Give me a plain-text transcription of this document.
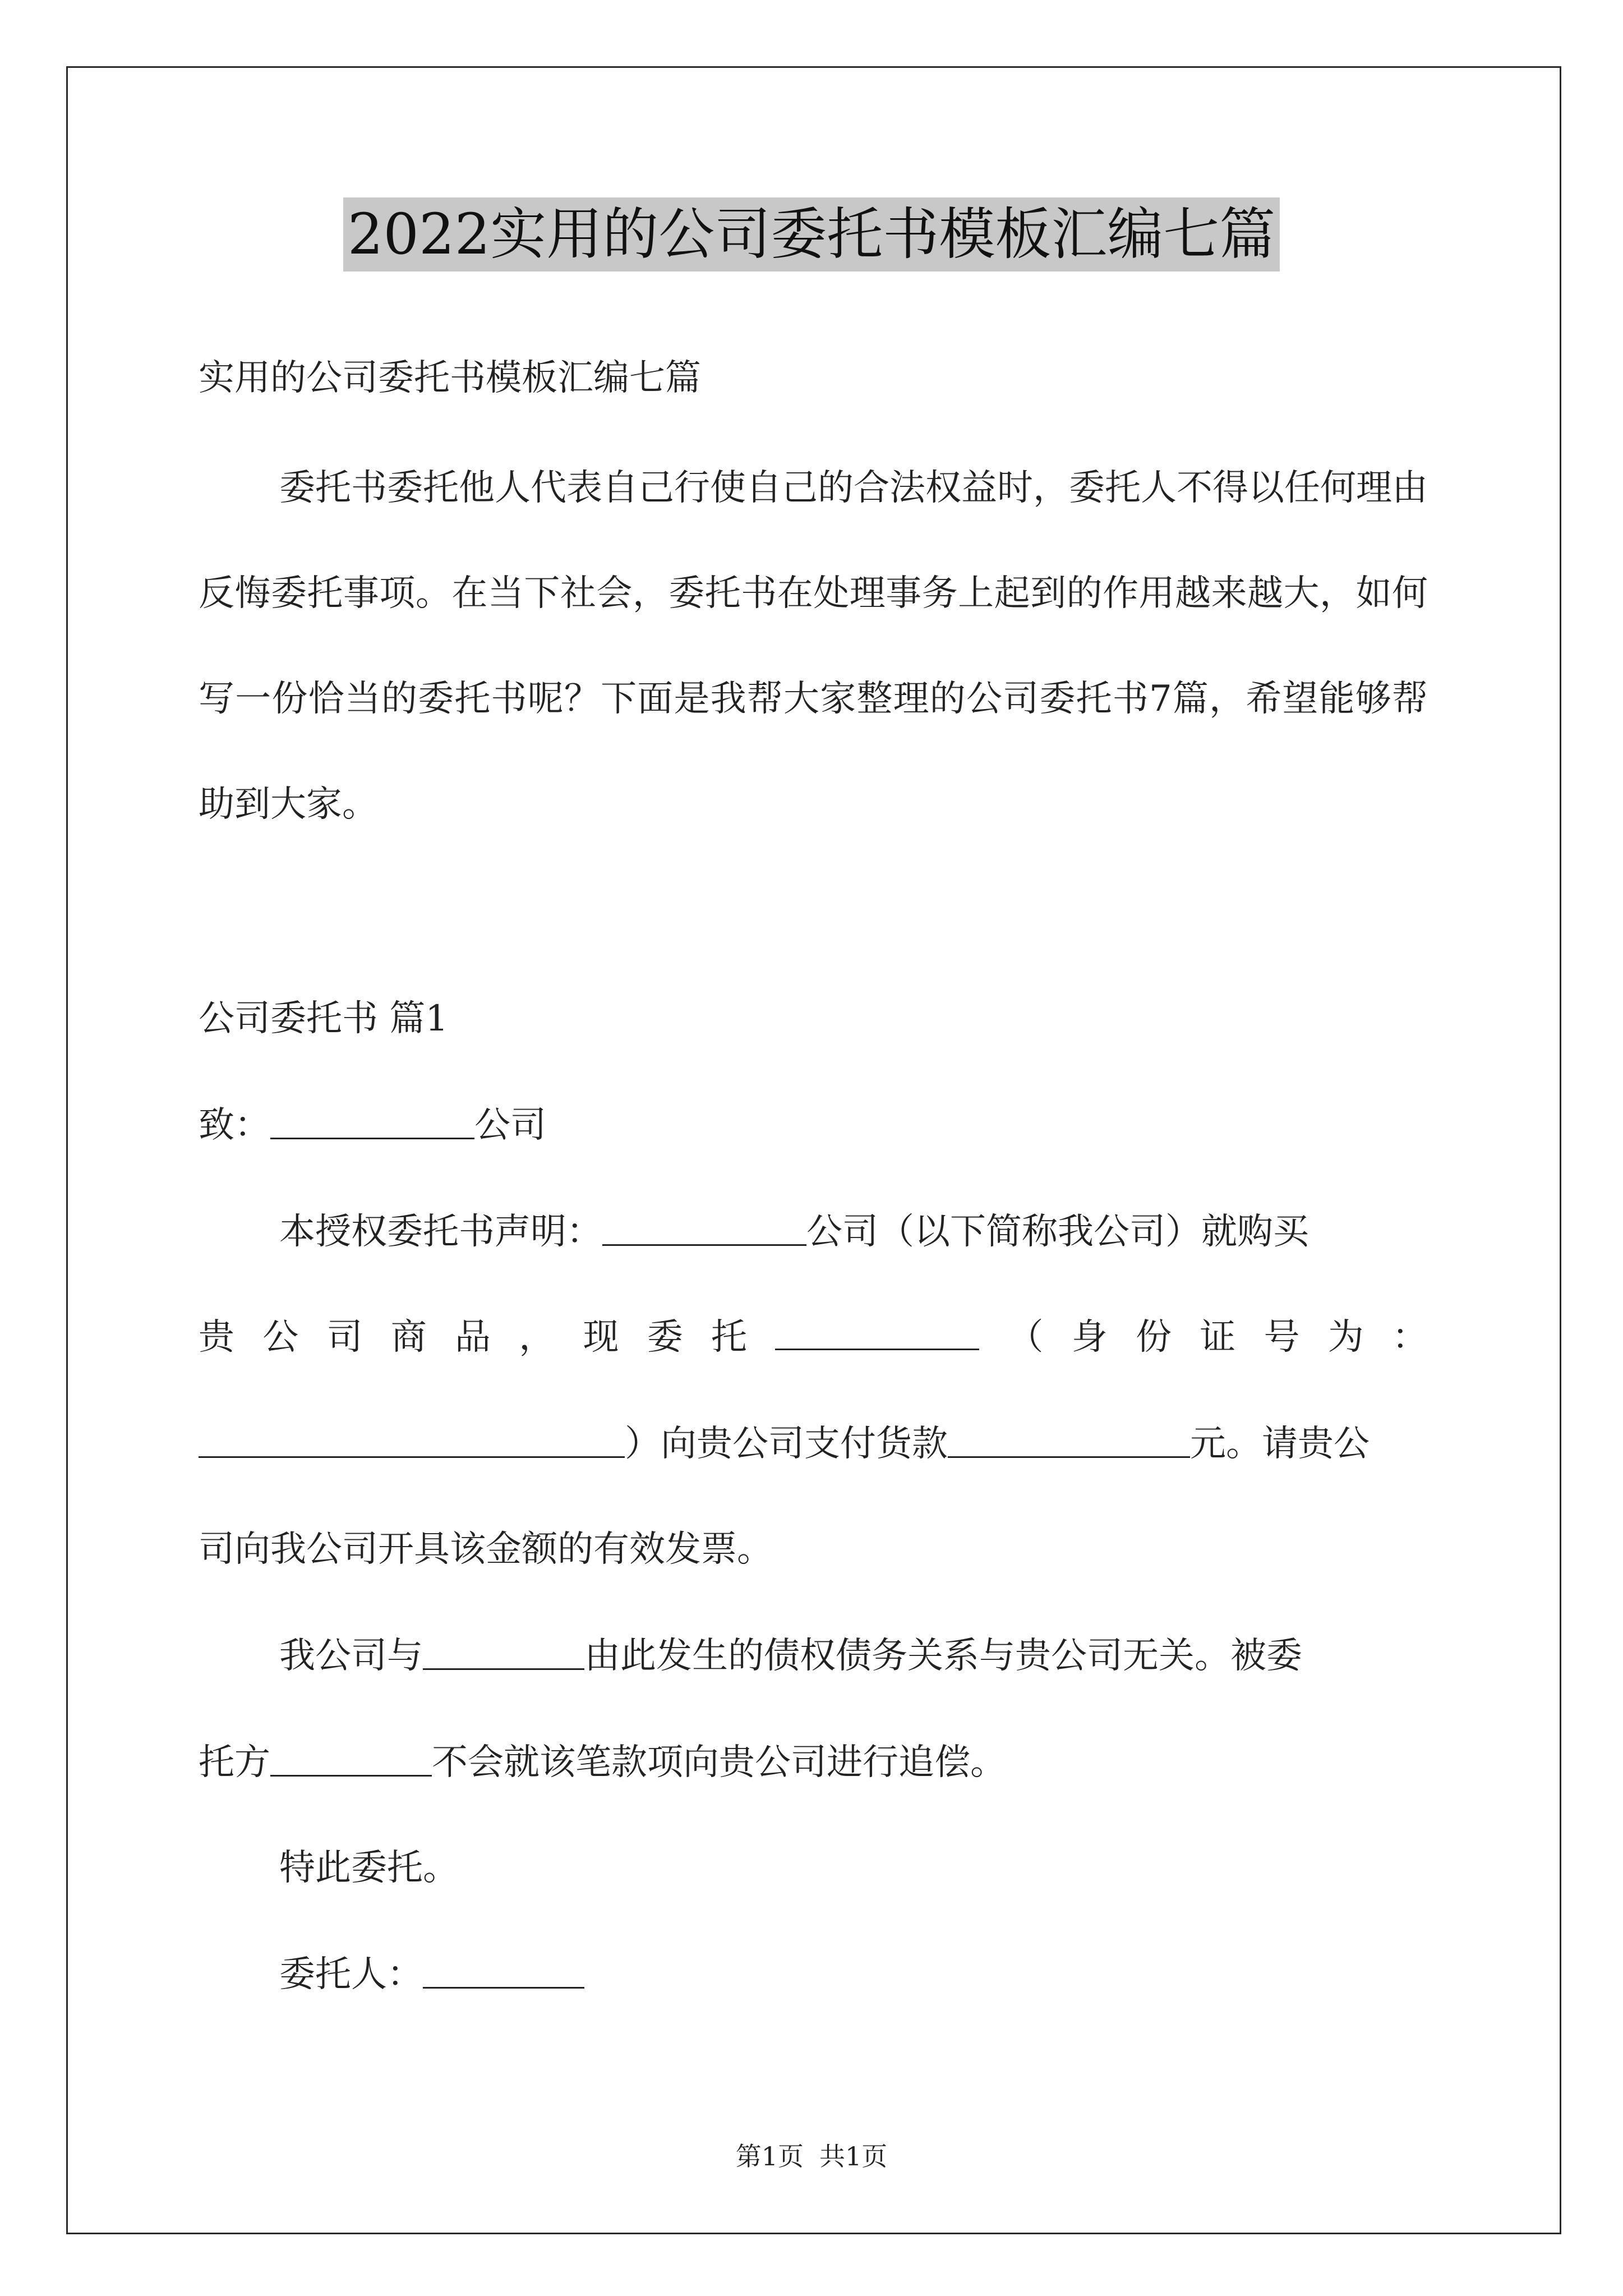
2022实用的公司委托书模板汇编七篇
实用的公司委托书模板汇编七篇
委托书委托他人代表自己行使自己的合法权益时，委托人不得以任何理由反悔委托事项。在当下社会，委托书在处理事务上起到的作用越来越大，如何写一份恰当的委托书呢？下面是我帮大家整理的公司委托书7篇，希望能够帮助到大家。
公司委托书 篇1
致：	公司
本授权委托书声明：	公司（以下简称我公司）就购买
贵 公 司 商 品 ， 现 委 托	（ 身 份 证 号 为 ：
）向贵公司支付货款	元。请贵公
司向我公司开具该金额的有效发票。
我公司与	由此发生的债权债务关系与贵公司无关。被委
托方	不会就该笔款项向贵公司进行追偿。
特此委托。
委托人：
第1页 共1页
